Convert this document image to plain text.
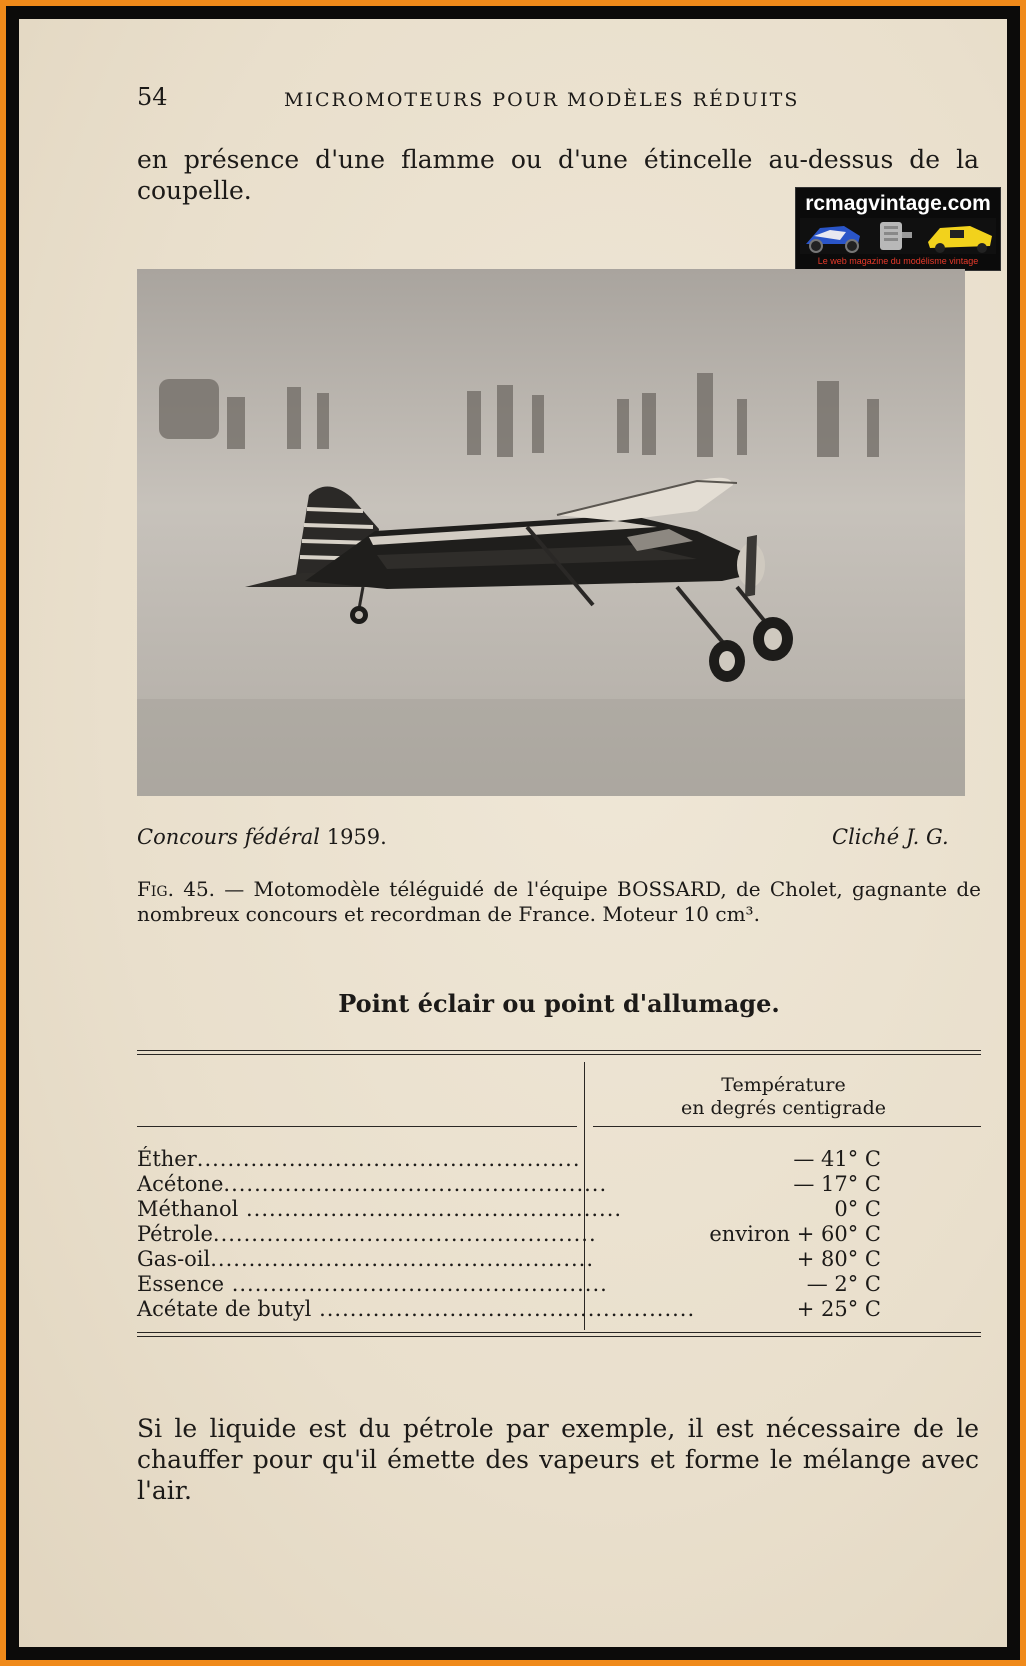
54	MICROMOTEURS POUR MODÈLES RÉDUITS
en présence d'une flamme ou d'une étincelle au-dessus de la coupelle.	rcmagvintage.com
Le web magazine du modélisme vintage
Concours fédéral 1959.	Cliché J. G.
Fig. 45. — Motomodèle téléguidé de l'équipe BOSSARD, de Cholet, gagnante de nombreux concours et recordman de France. Moteur 10 cm³.
Point éclair ou point d'allumage.
Température
en degrés centigrade
Éther..................................................	— 41° C
Acétone..................................................	— 17° C
Méthanol .................................................	0° C
Pétrole..................................................	environ + 60° C
Gas-oil..................................................	+ 80° C
Essence .................................................	— 2° C
Acétate de butyl .................................................	+ 25° C
Si le liquide est du pétrole par exemple, il est nécessaire de le chauffer pour qu'il émette des vapeurs et forme le mélange avec l'air.
